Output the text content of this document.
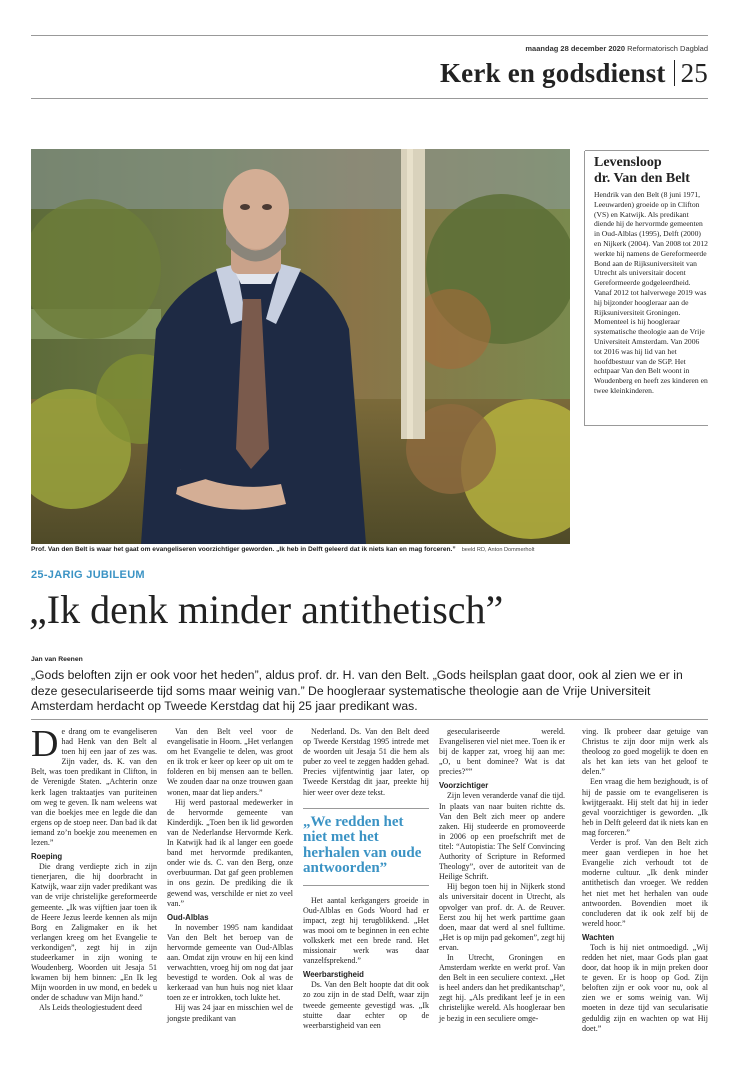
maandag 28 december 2020 Reformatorisch Dagblad
Kerk en godsdienst 25
Prof. Van den Belt is waar het gaat om evangeliseren voorzichtiger geworden. „Ik heb in Delft geleerd dat ik niets kan en mag forceren.” beeld RD, Anton Dommerholt
Levensloop
dr. Van den Belt

Hendrik van den Belt (8 juni 1971, Leeuwarden) groeide op in Clifton (VS) en Katwijk. Als predikant diende hij de hervormde gemeenten in Oud-Alblas (1995), Delft (2000) en Nijkerk (2004). Van 2008 tot 2012 werkte hij namens de Gereformeerde Bond aan de Rijksuniversiteit van Utrecht als universitair docent Gereformeerde godgeleerdheid. Vanaf 2012 tot halverwege 2019 was hij bijzonder hoogleraar aan de Rijksuniversiteit Groningen. Momenteel is hij hoogleraar systematische theologie aan de Vrije Universiteit Amsterdam. Van 2006 tot 2016 was hij lid van het hoofdbestuur van de SGP. Het echtpaar Van den Belt woont in Woudenberg en heeft zes kinderen en twee kleinkinderen.

25-JARIG JUBILEUM
„Ik denk minder antithetisch”
Jan van Reenen
„Gods beloften zijn er ook voor het heden”, aldus prof. dr. H. van den Belt. „Gods heilsplan gaat door, ook al zien we er in deze geseculariseerde tijd soms maar weinig van.” De hoogleraar systematische theologie aan de Vrije Universiteit Amsterdam herdacht op Tweede Kerstdag dat hij 25 jaar predikant was.

De drang om te evangeliseren had Henk van den Belt al toen hij een jaar of zes was. Zijn vader, ds. K. van den Belt, was toen predikant in Clifton, in de Verenigde Staten. „Achterin onze kerk lagen traktaatjes van puriteinen om weg te geven. Ik nam weleens wat van die boekjes mee en legde die dan ergens op de stoep neer. Dan bad ik dat iemand zo’n boekje zou meenemen en lezen.”

Roeping

Die drang verdiepte zich in zijn tienerjaren, die hij doorbracht in Katwijk, waar zijn vader predikant was van de vrije christelijke gereformeerde gemeente. „Ik was vijftien jaar toen ik de Heere Jezus leerde kennen als mijn Borg en Zaligmaker en ik het verlangen kreeg om het Evangelie te verkondigen”, zegt hij in zijn studeerkamer in zijn woning te Woudenberg. Woorden uit Jesaja 51 kwamen bij hem binnen: „En Ik leg Mijn woorden in uw mond, en bedek u onder de schaduw van Mijn hand.”

Als Leids theologiestudent deed

Van den Belt veel voor de evangelisatie in Hoorn. „Het verlangen om het Evangelie te delen, was groot en ik trok er keer op keer op uit om te folderen en bij mensen aan te bellen. We zouden daar na onze trouwen gaan wonen, maar dat liep anders.”

Hij werd pastoraal medewerker in de hervormde gemeente van Kinderdijk. „Toen ben ik lid geworden van de Nederlandse Hervormde Kerk. In Katwijk had ik al langer een goede band met hervormde predikanten, onder wie ds. C. van den Berg, onze overbuurman. Dat gaf geen problemen in ons gezin. De prediking die ik gewend was, verschilde er niet zo veel van.”

Oud-Alblas

In november 1995 nam kandidaat Van den Belt het beroep van de hervormde gemeente van Oud-Alblas aan. Omdat zijn vrouw en hij een kind verwachtten, vroeg hij om nog dat jaar bevestigd te worden. Ook al was de kerkeraad van hun huis nog niet klaar toen ze er introkken, toch lukte het.

Hij was 24 jaar en misschien wel de jongste predikant van

Nederland. Ds. Van den Belt deed op Tweede Kerstdag 1995 intrede met de woorden uit Jesaja 51 die hem als puber zo veel te zeggen hadden gehad. Precies vijfentwintig jaar later, op Tweede Kerstdag dit jaar, preekte hij hier weer over deze tekst.

„We redden het niet met het herhalen van oude antwoorden”

Het aantal kerkgangers groeide in Oud-Alblas en Gods Woord had er impact, zegt hij terugblikkend. „Het was mooi om te beginnen in een echte volkskerk met een brede rand. Het missionair werk was daar vanzelfsprekend.”

Weerbarstigheid

Ds. Van den Belt hoopte dat dit ook zo zou zijn in de stad Delft, waar zijn tweede gemeente gevestigd was. „Ik stuitte daar echter op de weerbarstigheid van een

geseculariseerde wereld. Evangeliseren viel niet mee. Toen ik er bij de kapper zat, vroeg hij aan me: „O, u bent dominee? Wat is dat precies?””

Voorzichtiger

Zijn leven veranderde vanaf die tijd. In plaats van naar buiten richtte ds. Van den Belt zich meer op andere zaken. Hij studeerde en promoveerde in 2006 op een proefschrift met de titel: “Autopistia: The Self Convincing Authority of Scripture in Reformed Theology”, over de autoriteit van de Heilige Schrift.

Hij begon toen hij in Nijkerk stond als universitair docent in Utrecht, als opvolger van prof. dr. A. de Reuver. Eerst zou hij het werk parttime gaan doen, maar dat werd al snel fulltime. „Het is op mijn pad gekomen”, zegt hij ervan.

In Utrecht, Groningen en Amsterdam werkte en werkt prof. Van den Belt in een seculiere context. „Het is heel anders dan het predikantschap”, zegt hij. „Als predikant leef je in een christelijke wereld. Als hoogleraar ben je bezig in een seculiere omge-

ving. Ik probeer daar getuige van Christus te zijn door mijn werk als theoloog zo goed mogelijk te doen en als het kan iets van het geloof te delen.”

Een vraag die hem bezighoudt, is of hij de passie om te evangeliseren is kwijtgeraakt. Hij stelt dat hij in ieder geval voorzichtiger is geworden. „Ik heb in Delft geleerd dat ik niets kan en mag forceren.”

Verder is prof. Van den Belt zich meer gaan verdiepen in hoe het Evangelie zich verhoudt tot de moderne cultuur. „Ik denk minder antithetisch dan vroeger. We redden het niet met het herhalen van oude antwoorden. Bovendien moet ik concluderen dat ik ook zelf bij de wereld hoor.”

Wachten

Toch is hij niet ontmoedigd. „Wij redden het niet, maar Gods plan gaat door, dat hoop ik in mijn preken door te geven. Er is hoop op God. Zijn beloften zijn er ook voor nu, ook al zien we er soms weinig van. Wij moeten in deze tijd van secularisatie geduldig zijn en wachten op wat Hij doet.”
